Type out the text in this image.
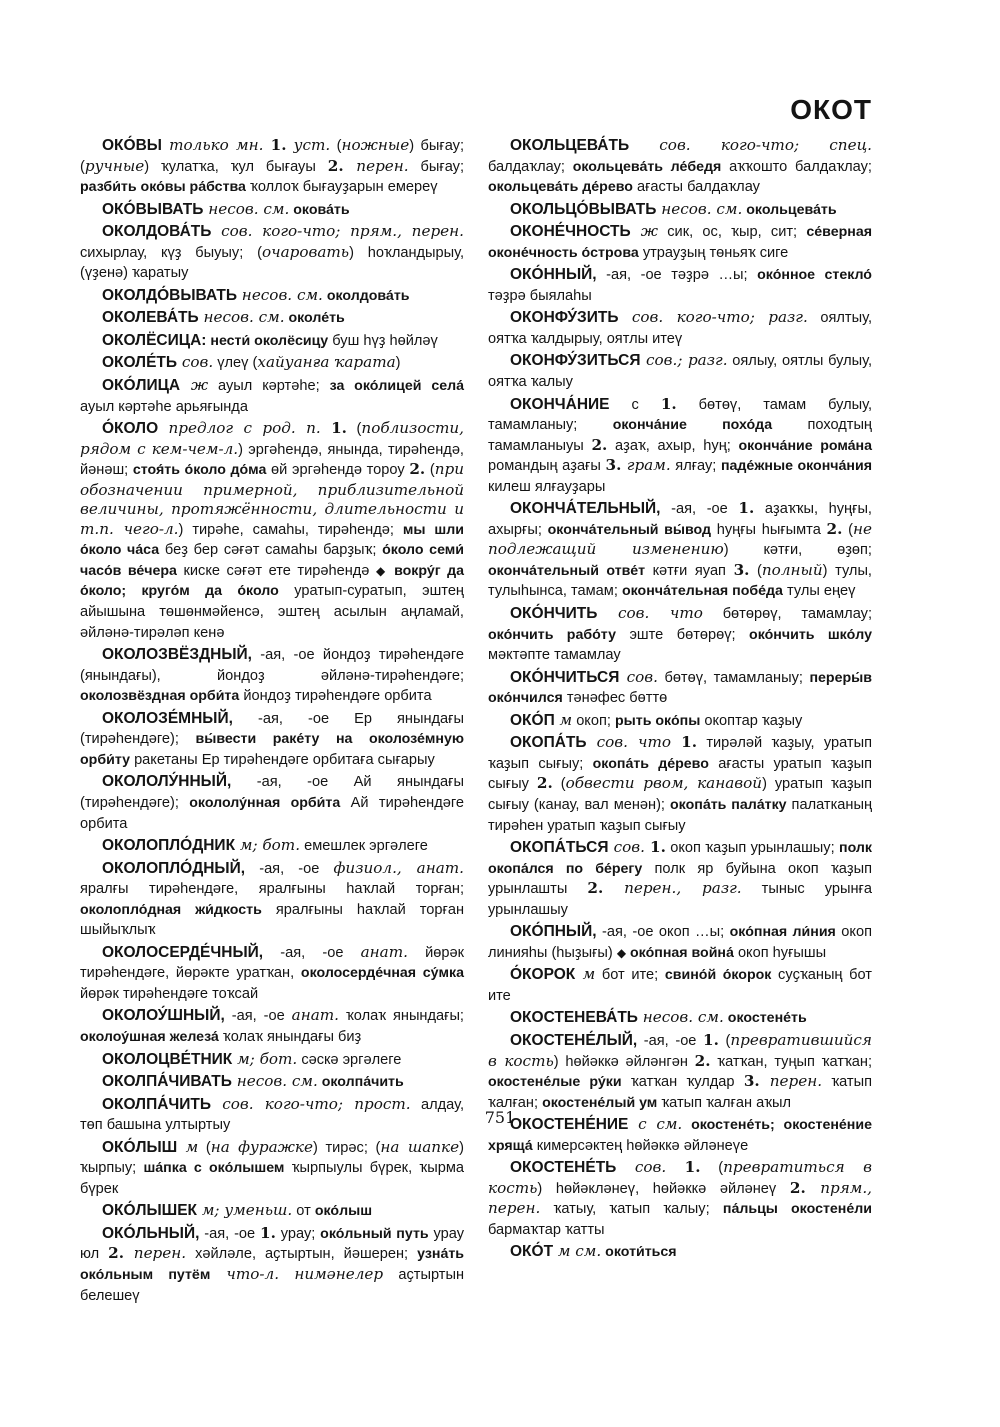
ОКОТ

ОКО́ВЫ только мн. 1. уст. (ножные) бығау; (ручные) ҡулатҡа, ҡул бығауы 2. перен. бығау; разби́ть око́вы ра́бства ҡоллоҡ бығауҙарын емереү

ОКО́ВЫВАТЬ несов. см. окова́ть

ОКОЛДОВА́ТЬ сов. кого-что; прям., перен. сихырлау, күҙ быуыу; (очаровать) һоҡландырыу, (үҙенә) ҡаратыу

ОКОЛДО́ВЫВАТЬ несов. см. околдова́ть

ОКОЛЕВА́ТЬ несов. см. околе́ть

ОКОЛЁСИЦА: нести́ околёсицу буш һүҙ һөйләү

ОКОЛЕ́ТЬ сов. үлеү (хайуанға ҡарата)

ОКО́ЛИЦА ж ауыл кәртәһе; за око́лицей села́ ауыл кәртәһе арьяғында

О́КОЛО предлог с род. п. 1. (поблизости, рядом с кем-чем-л.) эргәһендә, янында, тирәһендә, йәнәш; стоя́ть о́коло до́ма өй эргәһендә тороу 2. (при обозначении примерной, приблизительной величины, протяжённости, длительности и т.п. чего-л.) тирәһе, самаһы, тирәһендә; мы шли о́коло ча́са беҙ бер сәғәт самаһы барҙыҡ; о́коло семи́ часо́в ве́чера киске сәғәт ете тирәһендә ◆ вокру́г да о́коло; круго́м да о́коло уратып-суратып, эштең айышына төшөнмәйенсә, эштең асылын аңламай, әйләнә-тирәләп кенә

ОКОЛОЗВЁЗДНЫЙ, -ая, -ое йондоҙ тирәһендәге (янындағы), йондоҙ әйләнә-тирәһендәге; околозвёздная орби́та йондоҙ тирәһендәге орбита

ОКОЛОЗЕ́МНЫЙ, -ая, -ое Ер янындағы (тирәһендәге); вы́вести раке́ту на околозе́мную орби́ту ракетаны Ер тирәһендәге орбитаға сығарыу

ОКОЛОЛУ́ННЫЙ, -ая, -ое Ай янындағы (тирәһендәге); окололу́нная орби́та Ай тирәһендәге орбита

ОКОЛОПЛО́ДНИК м; бот. емешлек эргәлеге

ОКОЛОПЛО́ДНЫЙ, -ая, -ое физиол., анат. яралғы тирәһендәге, яралғыны һаҡлай торған; околопло́дная жи́дкость яралғыны һаҡлай торған шыйыҡлыҡ

ОКОЛОСЕРДЕ́ЧНЫЙ, -ая, -ое анат. йөрәк тирәһендәге, йөрәкте уратҡан, околосерде́чная су́мка йөрәк тирәһендәге тоҡсай

ОКОЛОУ́ШНЫЙ, -ая, -ое анат. ҡолаҡ янындағы; околоу́шная железа́ ҡолаҡ янындағы биҙ

ОКОЛОЦВЕ́ТНИК м; бот. сәскә эргәлеге

ОКОЛПА́ЧИВАТЬ несов. см. околпа́чить

ОКОЛПА́ЧИТЬ сов. кого-что; прост. алдау, төп башына ултыртыу

ОКО́ЛЫШ м (на фуражке) тирәс; (на шапке) ҡырпыу; ша́пка с око́лышем ҡырпыулы бүрек, ҡырма бүрек

ОКО́ЛЫШЕК м; уменьш. от око́лыш

ОКО́ЛЬНЫЙ, -ая, -ое 1. урау; око́льный путь урау юл 2. перен. хәйләле, аҫтыртын, йәшерен; узна́ть око́льным путём что-л. нимәнелер аҫтыртын белешеү

ОКОЛЬЦЕВА́ТЬ сов. кого-что; спец. балдаҡлау; окольцева́ть ле́бедя аҡҡошто балдаҡлау; окольцева́ть де́рево ағасты балдаҡлау

ОКОЛЬЦО́ВЫВАТЬ несов. см. окольцева́ть

ОКОНЕ́ЧНОСТЬ ж сик, ос, ҡыр, сит; се́верная оконе́чность о́строва утрауҙың төньяҡ сиге

ОКО́ННЫЙ, -ая, -ое тәҙрә …ы; око́нное стекло́ тәҙрә быялаһы

ОКОНФУ́ЗИТЬ сов. кого-что; разг. оялтыу, оятҡа ҡалдырыу, оятлы итеү

ОКОНФУ́ЗИТЬСЯ сов.; разг. оялыу, оятлы булыу, оятҡа ҡалыу

ОКОНЧА́НИЕ с 1. бөтөү, тамам булыу, тамамланыу; оконча́ние похо́да походтың тамамланыуы 2. аҙаҡ, ахыр, һуң; оконча́ние рома́на романдың аҙағы 3. грам. ялғау; паде́жные оконча́ния килеш ялғауҙары

ОКОНЧА́ТЕЛЬНЫЙ, -ая, -ое 1. аҙаҡҡы, һуңғы, ахырғы; оконча́тельный вы́вод һуңғы һығымта 2. (не подлежащий изменению) кәтғи, өҙөп; оконча́тельный отве́т кәтғи яуап 3. (полный) тулы, тулыһынса, тамам; оконча́тельная побе́да тулы еңеү

ОКО́НЧИТЬ сов. что бөтөрөү, тамамлау; око́нчить рабо́ту эште бөтөрөү; око́нчить шко́лу мәктәпте тамамлау

ОКО́НЧИТЬСЯ сов. бөтөү, тамамланыу; переры́в око́нчился тәнәфес бөттө

ОКО́П м окоп; рыть око́пы окоптар ҡаҙыу

ОКОПА́ТЬ сов. что 1. тирәләй ҡаҙыу, уратып ҡаҙып сығыу; окопа́ть де́рево ағасты уратып ҡаҙып сығыу 2. (обвести рвом, канавой) уратып ҡаҙып сығыу (канау, вал менән); окопа́ть пала́тку палатканың тирәһен уратып ҡаҙып сығыу

ОКОПА́ТЬСЯ сов. 1. окоп ҡаҙып урынлашыу; полк окопа́лся по бе́регу полк яр буйына окоп ҡаҙып урынлашты 2. перен., разг. тыныс урынға урынлашыу

ОКО́ПНЫЙ, -ая, -ое окоп …ы; око́пная ли́ния окоп линияһы (һыҙығы) ◆ око́пная война́ окоп һуғышы

О́КОРОК м бот ите; свино́й о́корок суҫҡаның бот ите

ОКОСТЕНЕВА́ТЬ несов. см. окостене́ть

ОКОСТЕНЕ́ЛЫЙ, -ая, -ое 1. (превратившийся в кость) һөйәккә әйләнгән 2. ҡатҡан, туңып ҡатҡан; окостене́лые ру́ки ҡатҡан ҡулдар 3. перен. ҡатып ҡалған; окостене́лый ум ҡатып ҡалған аҡыл

ОКОСТЕНЕ́НИЕ с см. окостене́ть; окостене́ние хряща́ кимерсәктең һөйәккә әйләнеүе

ОКОСТЕНЕ́ТЬ сов. 1. (превратиться в кость) һөйәкләнеү, һөйәккә әйләнеү 2. прям., перен. ҡатыу, ҡатып ҡалыу; па́льцы окостене́ли бармаҡтар ҡатты

ОКО́Т м см. окоти́ться

751
